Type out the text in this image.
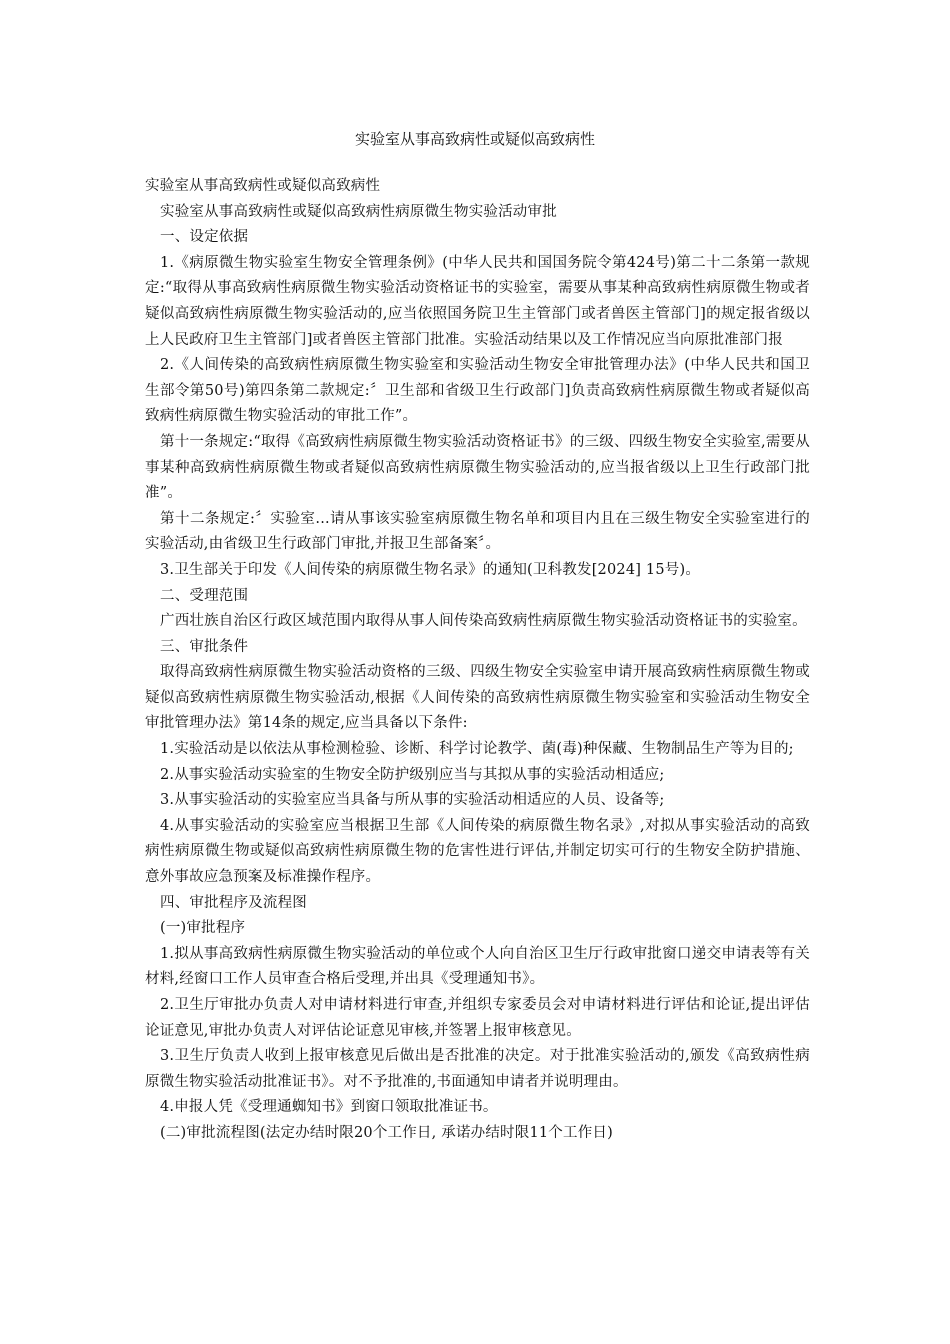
实验室从事高致病性或疑似高致病性

实验室从事高致病性或疑似高致病性

实验室从事高致病性或疑似高致病性病原微生物实验活动审批

一、设定依据

1.《病原微生物实验室生物安全管理条例》(中华人民共和国国务院令第424号)第二十二条第一款规定:“取得从事高致病性病原微生物实验活动资格证书的实验室，需要从事某种高致病性病原微生物或者疑似高致病性病原微生物实验活动的,应当依照国务院卫生主管部门或者兽医主管部门]的规定报省级以上人民政府卫生主管部门]或者兽医主管部门批准。实验活动结果以及工作情况应当向原批准部门报

2.《人间传染的高致病性病原微生物实验室和实验活动生物安全审批管理办法》(中华人民共和国卫生部令第50号)第四条第二款规定:〞卫生部和省级卫生行政部门]负责高致病性病原微生物或者疑似高致病性病原微生物实验活动的审批工作”。

第十一条规定:“取得《高致病性病原微生物实验活动资格证书》的三级、四级生物安全实验室,需要从事某种高致病性病原微生物或者疑似高致病性病原微生物实验活动的,应当报省级以上卫生行政部门批准”。

第十二条规定:〞实验室...请从事该实验室病原微生物名单和项目内且在三级生物安全实验室进行的实验活动,由省级卫生行政部门审批,并报卫生部备案〞。

3.卫生部关于印发《人间传染的病原微生物名录》的通知(卫科教发[2024] 15号)。

二、受理范围

广西壮族自治区行政区域范围内取得从事人间传染高致病性病原微生物实验活动资格证书的实验室。

三、审批条件

取得高致病性病原微生物实验活动资格的三级、四级生物安全实验室申请开展高致病性病原微生物或疑似高致病性病原微生物实验活动,根据《人间传染的高致病性病原微生物实验室和实验活动生物安全审批管理办法》第14条的规定,应当具备以下条件:

1.实验活动是以依法从事检测检验、诊断、科学讨论教学、菌(毒)种保藏、生物制品生产等为目的;

2.从事实验活动实验室的生物安全防护级别应当与其拟从事的实验活动相适应;

3.从事实验活动的实验室应当具备与所从事的实验活动相适应的人员、设备等;

4.从事实验活动的实验室应当根据卫生部《人间传染的病原微生物名录》,对拟从事实验活动的高致病性病原微生物或疑似高致病性病原微生物的危害性进行评估,并制定切实可行的生物安全防护措施、意外事故应急预案及标准操作程序。

四、审批程序及流程图

(一)审批程序

1.拟从事高致病性病原微生物实验活动的单位或个人向自治区卫生厅行政审批窗口递交申请表等有关材料,经窗口工作人员审查合格后受理,并出具《受理通知书》。

2.卫生厅审批办负责人对申请材料进行审查,并组织专家委员会对申请材料进行评估和论证,提出评估论证意见,审批办负责人对评估论证意见审核,并签署上报审核意见。

3.卫生厅负责人收到上报审核意见后做出是否批准的决定。对于批准实验活动的,颁发《高致病性病原微生物实验活动批准证书》。对不予批准的,书面通知申请者并说明理由。

4.申报人凭《受理通蜘知书》到窗口领取批准证书。

(二)审批流程图(法定办结时限20个工作日, 承诺办结时限11个工作日)
